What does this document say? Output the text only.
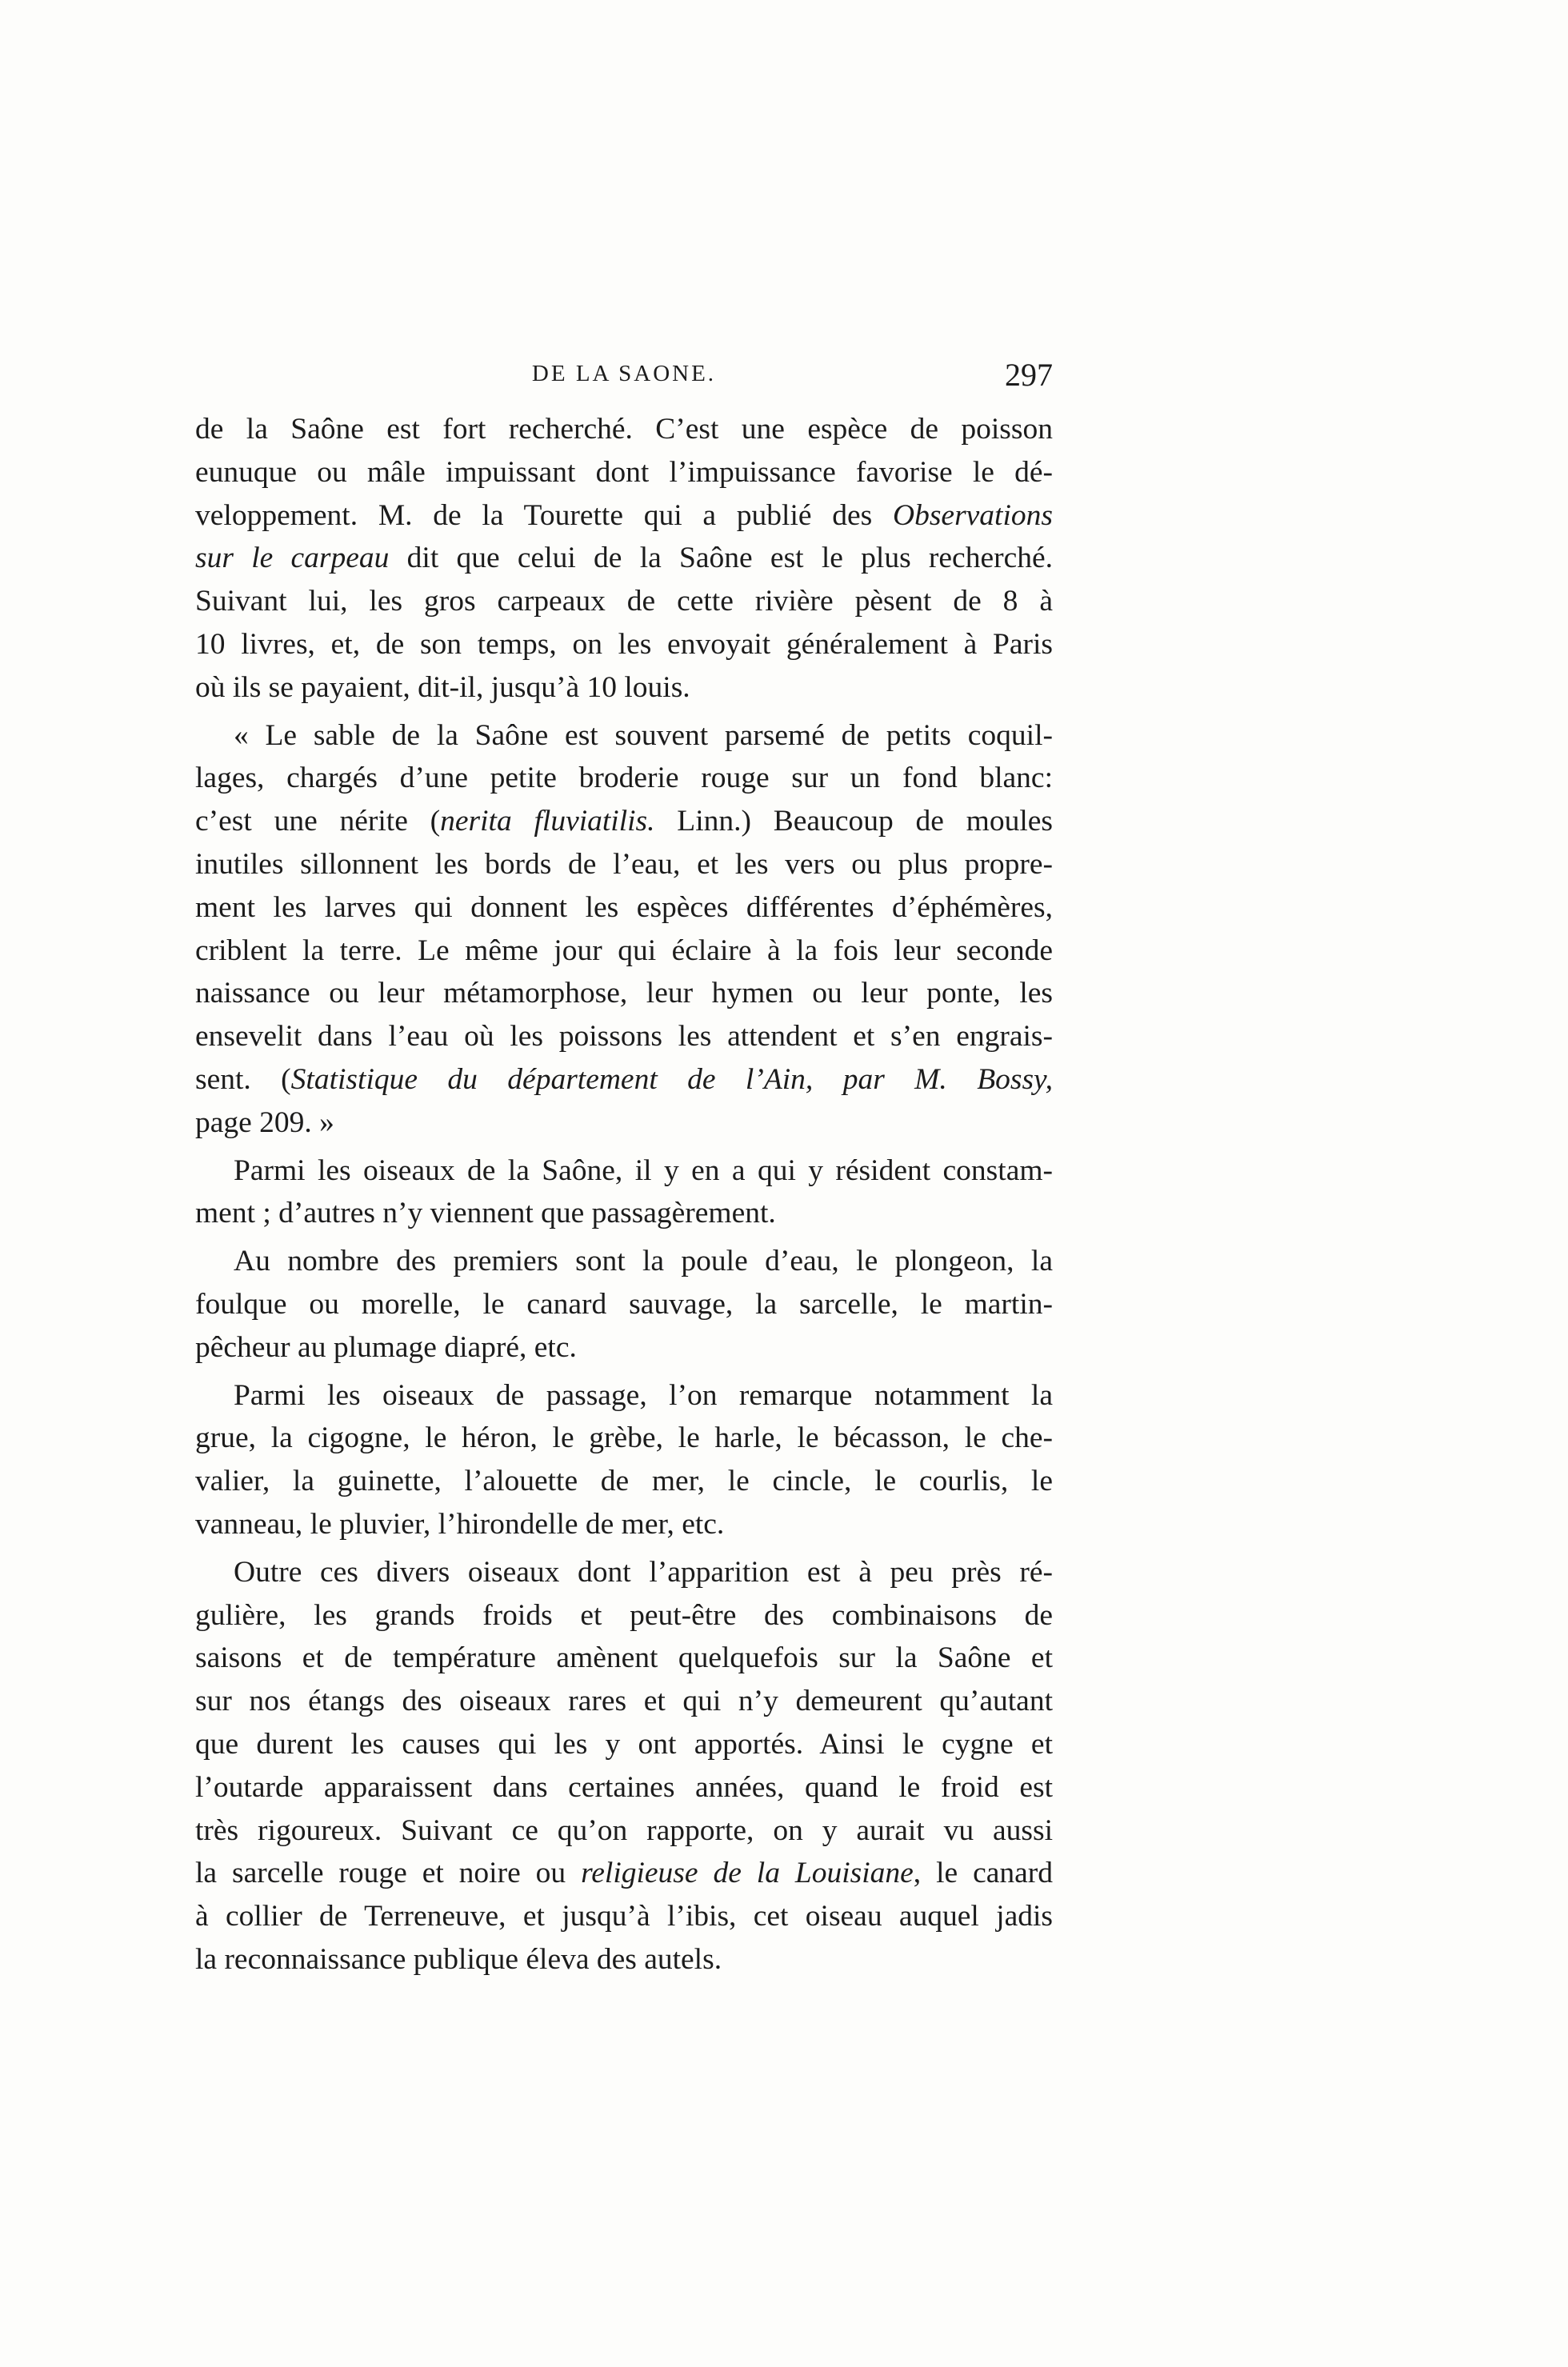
DE LA SAONE.	297

de la Saône est fort recherché. C’est une espèce de poisson
eunuque ou mâle impuissant dont l’impuissance favorise le dé-
veloppement. M. de la Tourette qui a publié des Observations
sur le carpeau dit que celui de la Saône est le plus recherché.
Suivant lui, les gros carpeaux de cette rivière pèsent de 8 à
10 livres, et, de son temps, on les envoyait généralement à Paris
où ils se payaient, dit-il, jusqu’à 10 louis.

« Le sable de la Saône est souvent parsemé de petits coquil-
lages, chargés d’une petite broderie rouge sur un fond blanc:
c’est une nérite (nerita fluviatilis. Linn.) Beaucoup de moules
inutiles sillonnent les bords de l’eau, et les vers ou plus propre-
ment les larves qui donnent les espèces différentes d’éphémères,
criblent la terre. Le même jour qui éclaire à la fois leur seconde
naissance ou leur métamorphose, leur hymen ou leur ponte, les
ensevelit dans l’eau où les poissons les attendent et s’en engrais-
sent. (Statistique du département de l’Ain, par M. Bossy,
page 209. »

Parmi les oiseaux de la Saône, il y en a qui y résident constam-
ment ; d’autres n’y viennent que passagèrement.

Au nombre des premiers sont la poule d’eau, le plongeon, la
foulque ou morelle, le canard sauvage, la sarcelle, le martin-
pêcheur au plumage diapré, etc.

Parmi les oiseaux de passage, l’on remarque notamment la
grue, la cigogne, le héron, le grèbe, le harle, le bécasson, le che-
valier, la guinette, l’alouette de mer, le cincle, le courlis, le
vanneau, le pluvier, l’hirondelle de mer, etc.

Outre ces divers oiseaux dont l’apparition est à peu près ré-
gulière, les grands froids et peut-être des combinaisons de
saisons et de température amènent quelquefois sur la Saône et
sur nos étangs des oiseaux rares et qui n’y demeurent qu’autant
que durent les causes qui les y ont apportés. Ainsi le cygne et
l’outarde apparaissent dans certaines années, quand le froid est
très rigoureux. Suivant ce qu’on rapporte, on y aurait vu aussi
la sarcelle rouge et noire ou religieuse de la Louisiane, le canard
à collier de Terreneuve, et jusqu’à l’ibis, cet oiseau auquel jadis
la reconnaissance publique éleva des autels.
